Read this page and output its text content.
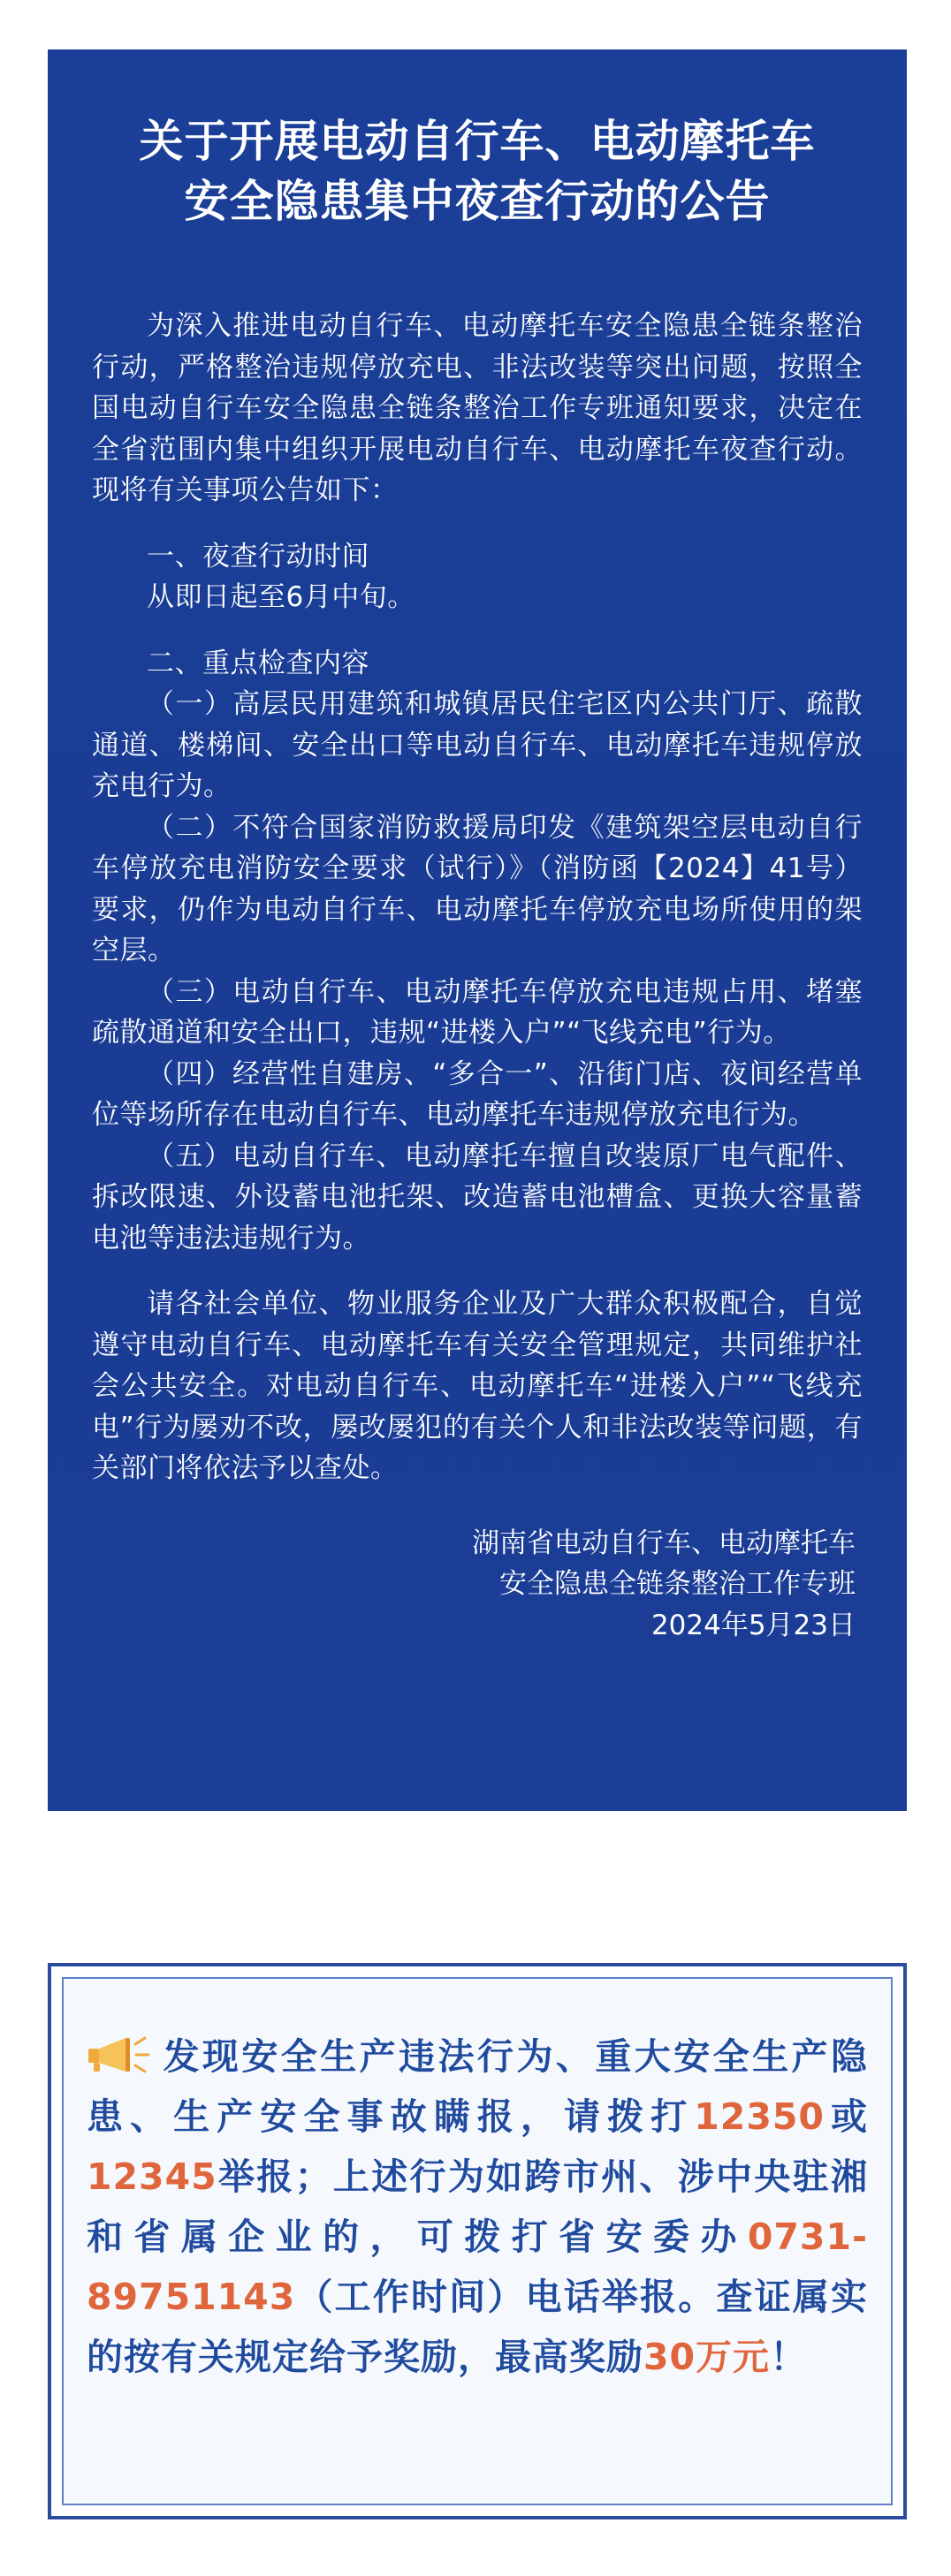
关于开展电动自行车、电动摩托车
安全隐患集中夜查行动的公告

为深入推进电动自行车、电动摩托车安全隐患全链条整治行动，严格整治违规停放充电、非法改装等突出问题，按照全国电动自行车安全隐患全链条整治工作专班通知要求，决定在全省范围内集中组织开展电动自行车、电动摩托车夜查行动。现将有关事项公告如下：

一、夜查行动时间

从即日起至6月中旬。

二、重点检查内容

（一）高层民用建筑和城镇居民住宅区内公共门厅、疏散通道、楼梯间、安全出口等电动自行车、电动摩托车违规停放充电行为。

（二）不符合国家消防救援局印发《建筑架空层电动自行车停放充电消防安全要求（试行）》（消防函【2024】41号）要求，仍作为电动自行车、电动摩托车停放充电场所使用的架空层。

（三）电动自行车、电动摩托车停放充电违规占用、堵塞疏散通道和安全出口，违规“进楼入户”“飞线充电”行为。

（四）经营性自建房、“多合一”、沿街门店、夜间经营单位等场所存在电动自行车、电动摩托车违规停放充电行为。

（五）电动自行车、电动摩托车擅自改装原厂电气配件、拆改限速、外设蓄电池托架、改造蓄电池槽盒、更换大容量蓄电池等违法违规行为。

请各社会单位、物业服务企业及广大群众积极配合，自觉遵守电动自行车、电动摩托车有关安全管理规定，共同维护社会公共安全。对电动自行车、电动摩托车“进楼入户”“飞线充电”行为屡劝不改，屡改屡犯的有关个人和非法改装等问题，有关部门将依法予以查处。

湖南省电动自行车、电动摩托车
安全隐患全链条整治工作专班
2024年5月23日

发现安全生产违法行为、重大安全生产隐患、生产安全事故瞒报，请拨打12350或12345举报；上述行为如跨市州、涉中央驻湘和省属企业的，可拨打省安委办0731-89751143（工作时间）电话举报。查证属实的按有关规定给予奖励，最高奖励30万元！
